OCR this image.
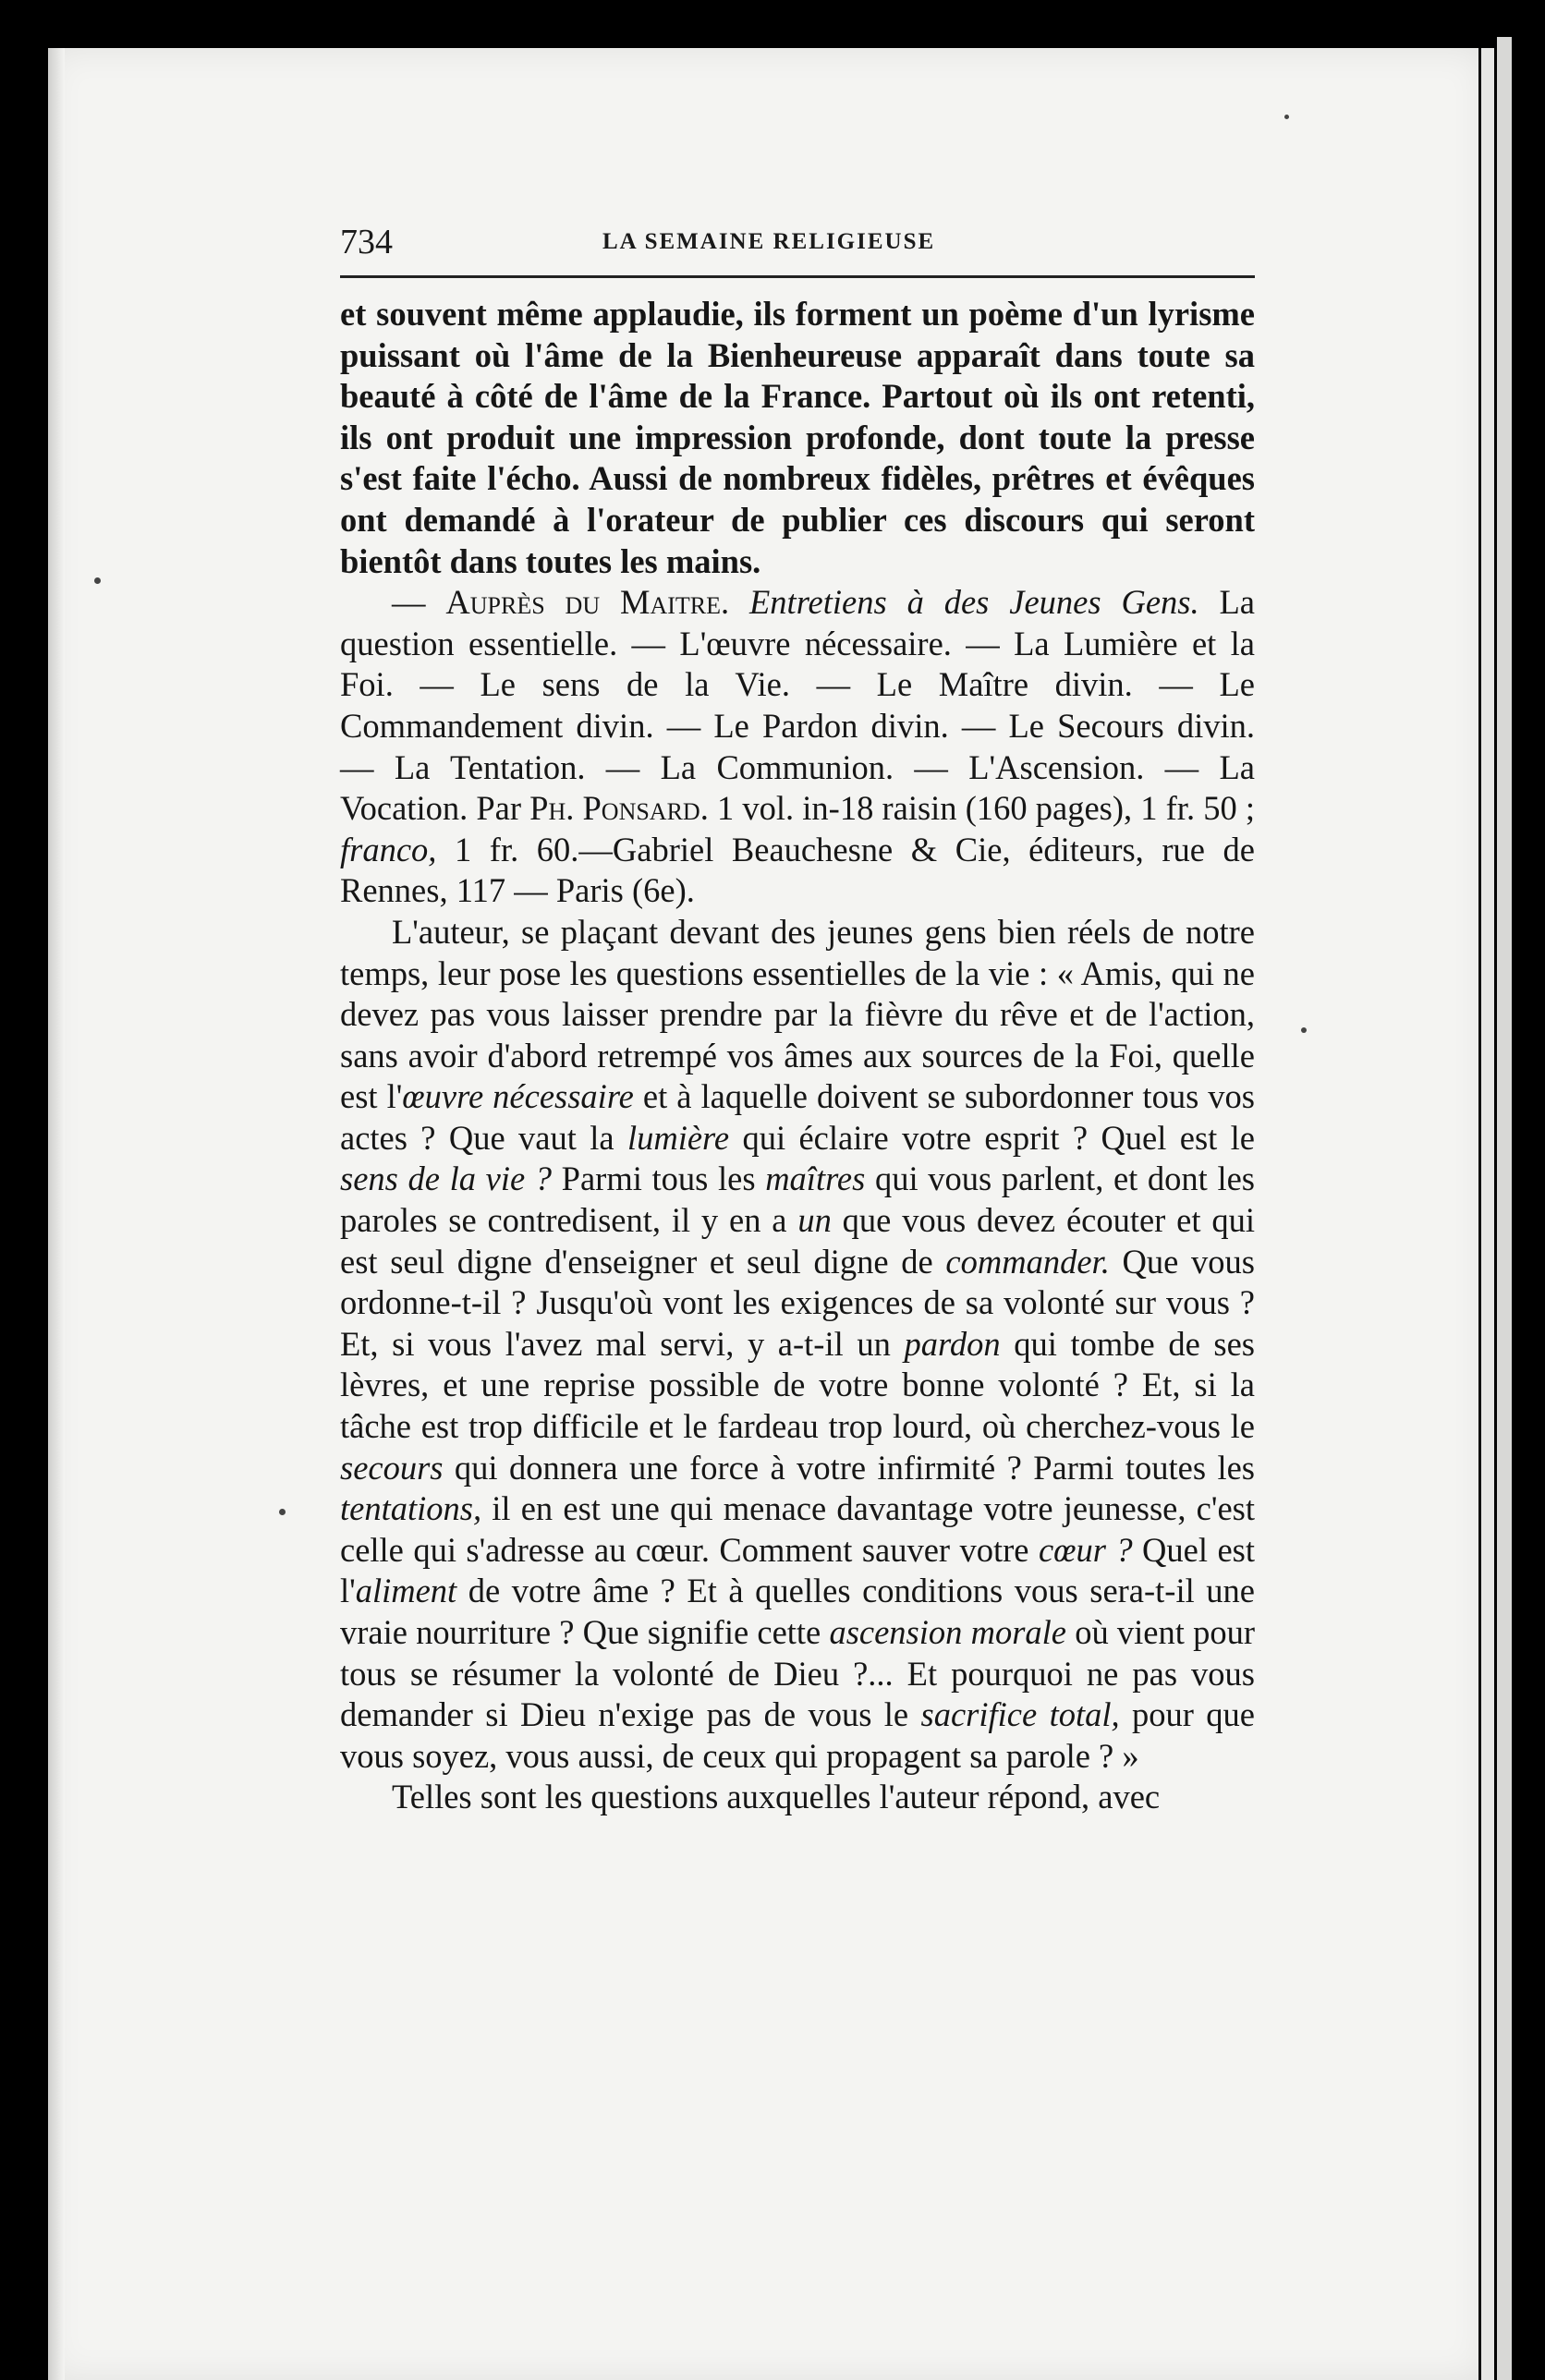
734	LA SEMAINE RELIGIEUSE

et souvent même applaudie, ils forment un poème d'un lyrisme puissant où l'âme de la Bienheureuse apparaît dans toute sa beauté à côté de l'âme de la France. Partout où ils ont retenti, ils ont produit une impression profonde, dont toute la presse s'est faite l'écho. Aussi de nombreux fidèles, prêtres et évêques ont demandé à l'orateur de publier ces discours qui seront bientôt dans toutes les mains.

— Auprès du Maitre. Entretiens à des Jeunes Gens. La question essentielle. — L'œuvre nécessaire. — La Lumière et la Foi. — Le sens de la Vie. — Le Maître divin. — Le Commandement divin. — Le Pardon divin. — Le Secours divin. — La Tentation. — La Communion. — L'Ascension. — La Vocation. Par Ph. Ponsard. 1 vol. in-18 raisin (160 pages), 1 fr. 50 ; franco, 1 fr. 60.—Gabriel Beauchesne & Cie, éditeurs, rue de Rennes, 117 — Paris (6e).

L'auteur, se plaçant devant des jeunes gens bien réels de notre temps, leur pose les questions essentielles de la vie : « Amis, qui ne devez pas vous laisser prendre par la fièvre du rêve et de l'action, sans avoir d'abord retrempé vos âmes aux sources de la Foi, quelle est l'œuvre nécessaire et à laquelle doivent se subordonner tous vos actes ? Que vaut la lumière qui éclaire votre esprit ? Quel est le sens de la vie ? Parmi tous les maîtres qui vous parlent, et dont les paroles se contredisent, il y en a un que vous devez écouter et qui est seul digne d'enseigner et seul digne de commander. Que vous ordonne-t-il ? Jusqu'où vont les exigences de sa volonté sur vous ? Et, si vous l'avez mal servi, y a-t-il un pardon qui tombe de ses lèvres, et une reprise possible de votre bonne volonté ? Et, si la tâche est trop difficile et le fardeau trop lourd, où cherchez-vous le secours qui donnera une force à votre infirmité ? Parmi toutes les tentations, il en est une qui menace davantage votre jeunesse, c'est celle qui s'adresse au cœur. Comment sauver votre cœur ? Quel est l'aliment de votre âme ? Et à quelles conditions vous sera-t-il une vraie nourriture ? Que signifie cette ascension morale où vient pour tous se résumer la volonté de Dieu ?... Et pourquoi ne pas vous demander si Dieu n'exige pas de vous le sacrifice total, pour que vous soyez, vous aussi, de ceux qui propagent sa parole ? »

Telles sont les questions auxquelles l'auteur répond, avec
